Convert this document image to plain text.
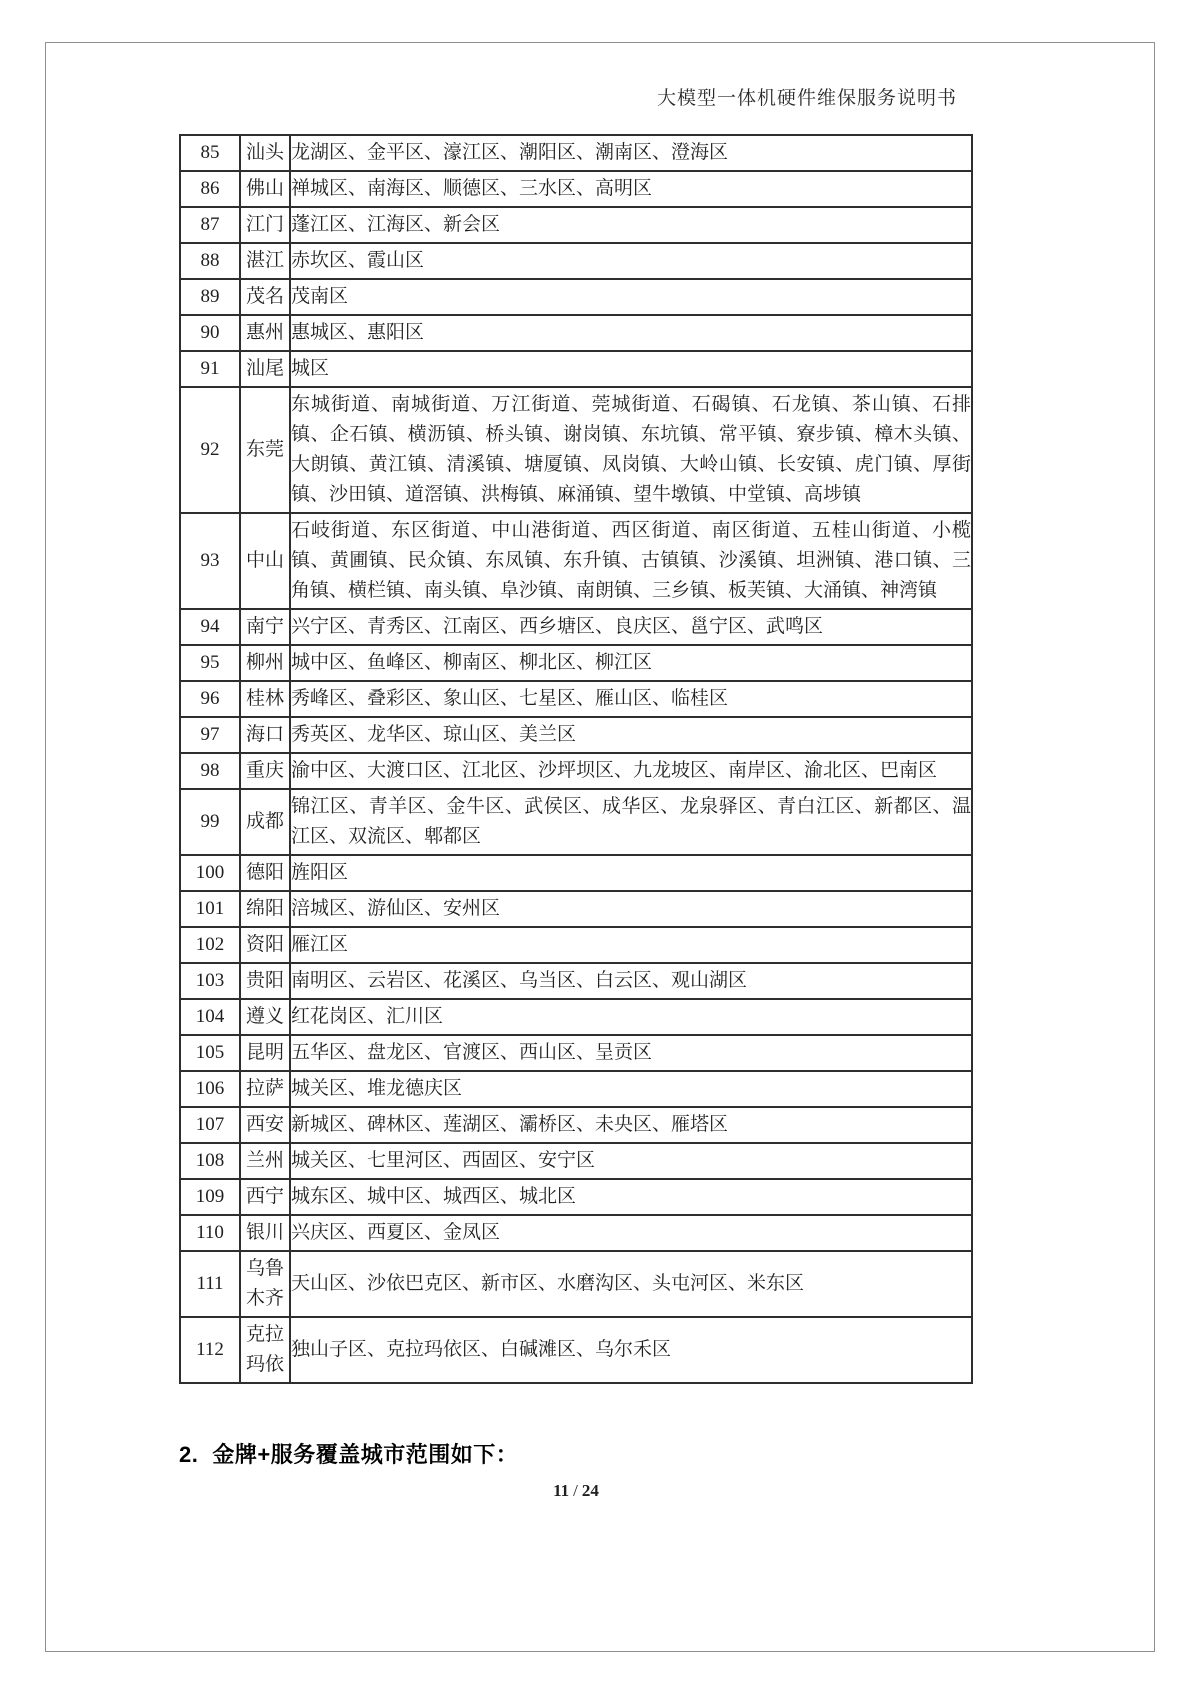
大模型一体机硬件维保服务说明书
85	汕头	龙湖区、金平区、濠江区、潮阳区、潮南区、澄海区
86	佛山	禅城区、南海区、顺德区、三水区、高明区
87	江门	蓬江区、江海区、新会区
88	湛江	赤坎区、霞山区
89	茂名	茂南区
90	惠州	惠城区、惠阳区
91	汕尾	城区
92	东莞	东城街道、南城街道、万江街道、莞城街道、石碣镇、石龙镇、茶山镇、石排镇、企石镇、横沥镇、桥头镇、谢岗镇、东坑镇、常平镇、寮步镇、樟木头镇、大朗镇、黄江镇、清溪镇、塘厦镇、凤岗镇、大岭山镇、长安镇、虎门镇、厚街镇、沙田镇、道滘镇、洪梅镇、麻涌镇、望牛墩镇、中堂镇、高埗镇
93	中山	石岐街道、东区街道、中山港街道、西区街道、南区街道、五桂山街道、小榄镇、黄圃镇、民众镇、东凤镇、东升镇、古镇镇、沙溪镇、坦洲镇、港口镇、三角镇、横栏镇、南头镇、阜沙镇、南朗镇、三乡镇、板芙镇、大涌镇、神湾镇
94	南宁	兴宁区、青秀区、江南区、西乡塘区、良庆区、邕宁区、武鸣区
95	柳州	城中区、鱼峰区、柳南区、柳北区、柳江区
96	桂林	秀峰区、叠彩区、象山区、七星区、雁山区、临桂区
97	海口	秀英区、龙华区、琼山区、美兰区
98	重庆	渝中区、大渡口区、江北区、沙坪坝区、九龙坡区、南岸区、渝北区、巴南区
99	成都	锦江区、青羊区、金牛区、武侯区、成华区、龙泉驿区、青白江区、新都区、温江区、双流区、郫都区
100	德阳	旌阳区
101	绵阳	涪城区、游仙区、安州区
102	资阳	雁江区
103	贵阳	南明区、云岩区、花溪区、乌当区、白云区、观山湖区
104	遵义	红花岗区、汇川区
105	昆明	五华区、盘龙区、官渡区、西山区、呈贡区
106	拉萨	城关区、堆龙德庆区
107	西安	新城区、碑林区、莲湖区、灞桥区、未央区、雁塔区
108	兰州	城关区、七里河区、西固区、安宁区
109	西宁	城东区、城中区、城西区、城北区
110	银川	兴庆区、西夏区、金凤区
111	乌鲁木齐	天山区、沙依巴克区、新市区、水磨沟区、头屯河区、米东区
112	克拉玛依	独山子区、克拉玛依区、白碱滩区、乌尔禾区
2. 金牌+服务覆盖城市范围如下：
11 / 24
